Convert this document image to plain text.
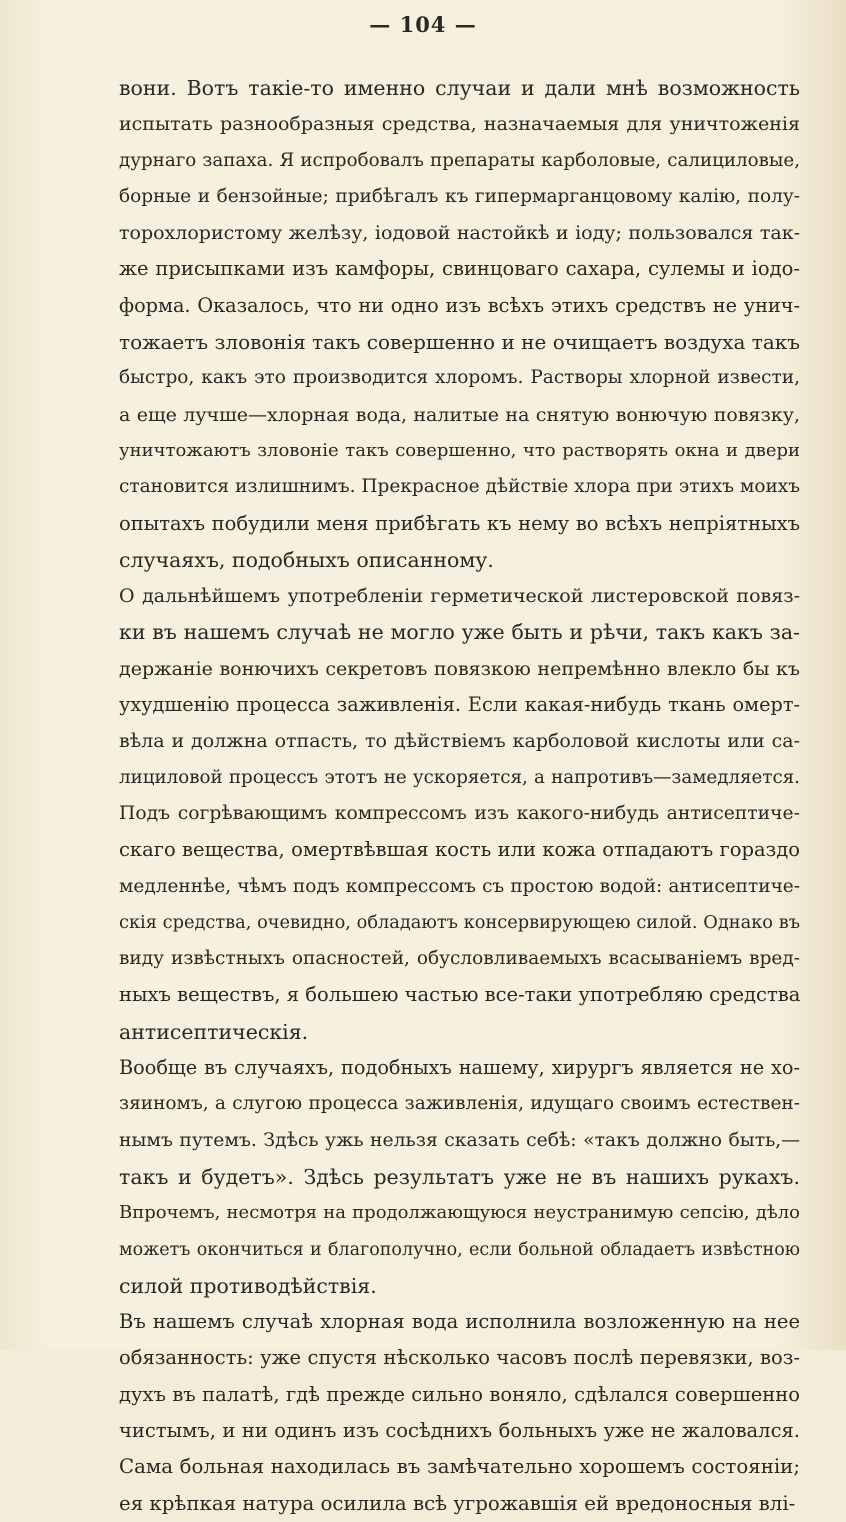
— 104 —
вони. Вотъ такіе-то именно случаи и дали мнѣ возможность
испытать разнообразныя средства, назначаемыя для уничтоженія
дурнаго запаха. Я испробовалъ препараты карболовые, салициловые,
борные и бензойные; прибѣгалъ къ гипермарганцовому калію, полу-
торохлористому желѣзу, іодовой настойкѣ и іоду; пользовался так-
же присыпками изъ камфоры, свинцоваго сахара, сулемы и іодо-
форма. Оказалось, что ни одно изъ всѣхъ этихъ средствъ не унич-
тожаетъ зловонія такъ совершенно и не очищаетъ воздуха такъ
быстро, какъ это производится хлоромъ. Растворы хлорной извести,
а еще лучше—хлорная вода, налитые на снятую вонючую повязку,
уничтожаютъ зловоніе такъ совершенно, что растворять окна и двери
становится излишнимъ. Прекрасное дѣйствіе хлора при этихъ моихъ
опытахъ побудили меня прибѣгать къ нему во всѣхъ непріятныхъ
случаяхъ, подобныхъ описанному.
О дальнѣйшемъ употребленіи герметической листеровской повяз-
ки въ нашемъ случаѣ не могло уже быть и рѣчи, такъ какъ за-
держаніе вонючихъ секретовъ повязкою непремѣнно влекло бы къ
ухудшенію процесса заживленія. Если какая-нибудь ткань омерт-
вѣла и должна отпасть, то дѣйствіемъ карболовой кислоты или са-
лициловой процессъ этотъ не ускоряется, а напротивъ—замедляется.
Подъ согрѣвающимъ компрессомъ изъ какого-нибудь антисептиче-
скаго вещества, омертвѣвшая кость или кожа отпадаютъ гораздо
медленнѣе, чѣмъ подъ компрессомъ съ простою водой: антисептиче-
скія средства, очевидно, обладаютъ консервирующею силой. Однако въ
виду извѣстныхъ опасностей, обусловливаемыхъ всасываніемъ вред-
ныхъ веществъ, я большею частью все-таки употребляю средства
антисептическія.
Вообще въ случаяхъ, подобныхъ нашему, хирургъ является не хо-
зяиномъ, а слугою процесса заживленія, идущаго своимъ естествен-
нымъ путемъ. Здѣсь ужь нельзя сказать себѣ: «такъ должно быть,—
такъ и будетъ». Здѣсь результатъ уже не въ нашихъ рукахъ.
Впрочемъ, несмотря на продолжающуюся неустранимую сепсію, дѣло
можетъ окончиться и благополучно, если больной обладаетъ извѣстною
силой противодѣйствія.
Въ нашемъ случаѣ хлорная вода исполнила возложенную на нее
обязанность: уже спустя нѣсколько часовъ послѣ перевязки, воз-
духъ въ палатѣ, гдѣ прежде сильно воняло, сдѣлался совершенно
чистымъ, и ни одинъ изъ сосѣднихъ больныхъ уже не жаловался.
Сама больная находилась въ замѣчательно хорошемъ состояніи;
ея крѣпкая натура осилила всѣ угрожавшія ей вредоносныя влі-
